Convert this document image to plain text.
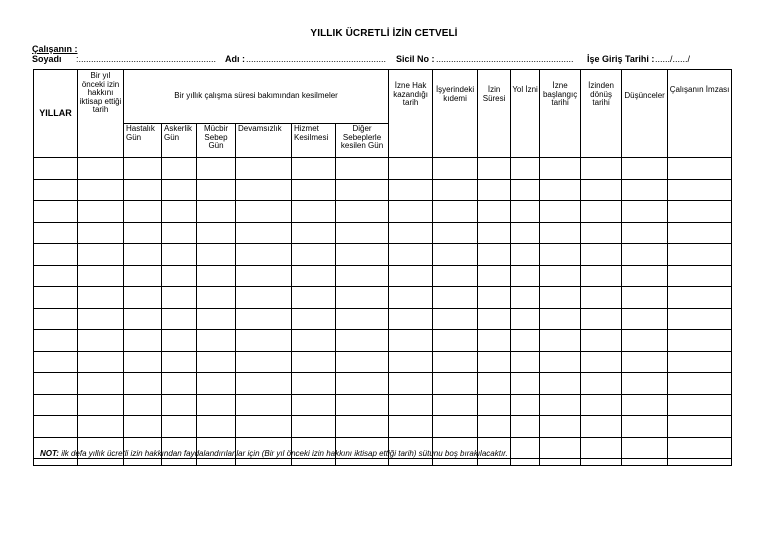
YILLIK ÜCRETLİ İZİN CETVELİ
Çalışanın :
Soyadı :....................................................... Adı : ........................................................ Sicil No : ....................................................... İşe Giriş Tarihi : ....../....../
YILLAR	Bir yıl önceki izin hakkını iktisap ettiği tarih	Bir yıllık çalışma süresi bakımından kesilmeler						İzne Hak kazandığı tarih	İşyerindeki kıdemi	İzin Süresi	Yol İzni	İzne başlangıç tarihi	İzinden dönüş tarihi	Düşünceler	Çalışanın İmzası
		Hastalık Gün	Askerlik Gün	Mücbir Sebep Gün	Devamsızlık	Hizmet Kesilmesi	Diğer Sebeplerle kesilen Gün								

NOT: ilk defa yıllık ücretli izin hakkından faydalandırılanlar için (Bir yıl önceki izin hakkını iktisap ettiği tarih) sütunu boş bırakılacaktır.
